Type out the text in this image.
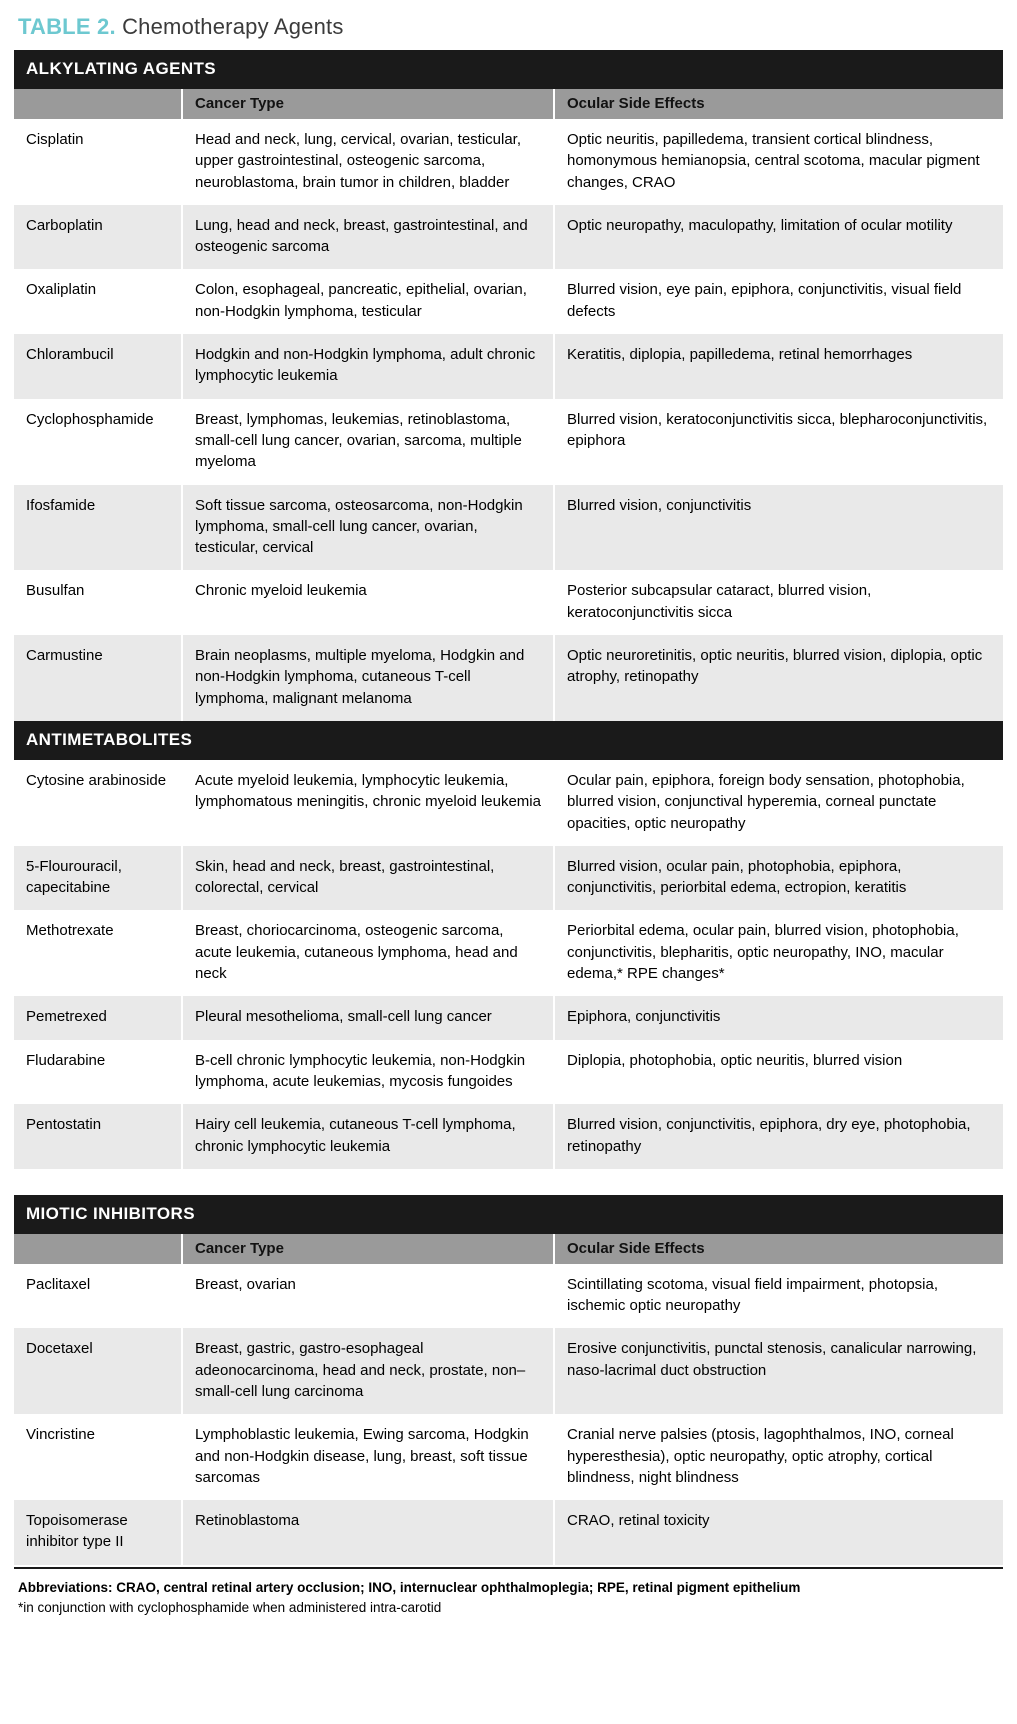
TABLE 2. Chemotherapy Agents
ALKYLATING AGENTS		
	Cancer Type	Ocular Side Effects
Cisplatin	Head and neck, lung, cervical, ovarian, testicular, upper gastrointestinal, osteogenic sarcoma, neuroblastoma, brain tumor in children, bladder	Optic neuritis, papilledema, transient cortical blindness, homonymous hemianopsia, central scotoma, macular pigment changes, CRAO
Carboplatin	Lung, head and neck, breast, gastrointestinal, and osteogenic sarcoma	Optic neuropathy, maculopathy, limitation of ocular motility
Oxaliplatin	Colon, esophageal, pancreatic, epithelial, ovarian, non-Hodgkin lymphoma, testicular	Blurred vision, eye pain, epiphora, conjunctivitis, visual field defects
Chlorambucil	Hodgkin and non-Hodgkin lymphoma, adult chronic lymphocytic leukemia	Keratitis, diplopia, papilledema, retinal hemorrhages
Cyclophosphamide	Breast, lymphomas, leukemias, retinoblastoma, small-cell lung cancer, ovarian, sarcoma, multiple myeloma	Blurred vision, keratoconjunctivitis sicca, blepharoconjunctivitis, epiphora
Ifosfamide	Soft tissue sarcoma, osteosarcoma, non-Hodgkin lymphoma, small-cell lung cancer, ovarian, testicular, cervical	Blurred vision, conjunctivitis
Busulfan	Chronic myeloid leukemia	Posterior subcapsular cataract, blurred vision, keratoconjunctivitis sicca
Carmustine	Brain neoplasms, multiple myeloma, Hodgkin and non-Hodgkin lymphoma, cutaneous T-cell lymphoma, malignant melanoma	Optic neuroretinitis, optic neuritis, blurred vision, diplopia, optic atrophy, retinopathy
ANTIMETABOLITES		
Cytosine arabinoside	Acute myeloid leukemia, lymphocytic leukemia, lymphomatous meningitis, chronic myeloid leukemia	Ocular pain, epiphora, foreign body sensation, photophobia, blurred vision, conjunctival hyperemia, corneal punctate opacities, optic neuropathy
5-Flourouracil, capecitabine	Skin, head and neck, breast, gastrointestinal, colorectal, cervical	Blurred vision, ocular pain, photophobia, epiphora, conjunctivitis, periorbital edema, ectropion, keratitis
Methotrexate	Breast, choriocarcinoma, osteogenic sarcoma, acute leukemia, cutaneous lymphoma, head and neck	Periorbital edema, ocular pain, blurred vision, photophobia, conjunctivitis, blepharitis, optic neuropathy, INO, macular edema,* RPE changes*
Pemetrexed	Pleural mesothelioma, small-cell lung cancer	Epiphora, conjunctivitis
Fludarabine	B-cell chronic lymphocytic leukemia, non-Hodgkin lymphoma, acute leukemias, mycosis fungoides	Diplopia, photophobia, optic neuritis, blurred vision
Pentostatin	Hairy cell leukemia, cutaneous T-cell lymphoma, chronic lymphocytic leukemia	Blurred vision, conjunctivitis, epiphora, dry eye, photophobia, retinopathy
MIOTIC INHIBITORS		
	Cancer Type	Ocular Side Effects
Paclitaxel	Breast, ovarian	Scintillating scotoma, visual field impairment, photopsia, ischemic optic neuropathy
Docetaxel	Breast, gastric, gastro-esophageal adeonocarcinoma, head and neck, prostate, non–small-cell lung carcinoma	Erosive conjunctivitis, punctal stenosis, canalicular narrowing, naso-lacrimal duct obstruction
Vincristine	Lymphoblastic leukemia, Ewing sarcoma, Hodgkin and non-Hodgkin disease, lung, breast, soft tissue sarcomas	Cranial nerve palsies (ptosis, lagophthalmos, INO, corneal hyperesthesia), optic neuropathy, optic atrophy, cortical blindness, night blindness
Topoisomerase inhibitor type II	Retinoblastoma	CRAO, retinal toxicity
Abbreviations: CRAO, central retinal artery occlusion; INO, internuclear ophthalmoplegia; RPE, retinal pigment epithelium
*in conjunction with cyclophosphamide when administered intra-carotid
